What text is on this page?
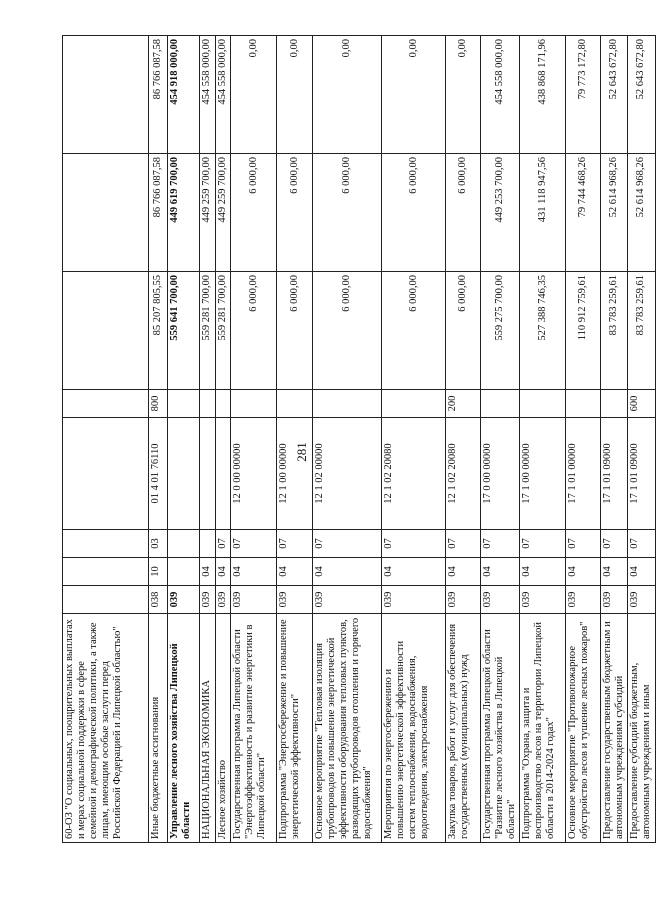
281
60-ОЗ "О социальных, поощрительных выплатах и мерах социальной поддержки в сфере семейной и демографической политики, а также лицам, имеющим особые заслуги перед Российской Федерацией и Липецкой областью"								
Иные бюджетные ассигнования	038	10	03	01 4 01 76110	800	85 207 805,55	86 766 087,58	86 766 087,58
Управление лесного хозяйства Липецкой области	039					559 641 700,00	449 619 700,00	454 918 000,00
НАЦИОНАЛЬНАЯ ЭКОНОМИКА	039	04				559 281 700,00	449 259 700,00	454 558 000,00
Лесное хозяйство	039	04	07			559 281 700,00	449 259 700,00	454 558 000,00
Государственная программа Липецкой области "Энергоэффективность и развитие энергетики в Липецкой области"	039	04	07	12 0 00 00000		6 000,00	6 000,00	0,00
Подпрограмма "Энергосбережение и повышение энергетической эффективности"	039	04	07	12 1 00 00000		6 000,00	6 000,00	0,00
Основное мероприятие "Тепловая изоляция трубопроводов и повышение энергетической эффективности оборудования тепловых пунктов, разводящих трубопроводов отопления и горячего водоснабжения"	039	04	07	12 1 02 00000		6 000,00	6 000,00	0,00
Мероприятия по энергосбережению и повышению энергетической эффективности систем теплоснабжения, водоснабжения, водоотведения, электроснабжения	039	04	07	12 1 02 20080		6 000,00	6 000,00	0,00
Закупка товаров, работ и услуг для обеспечения государственных (муниципальных) нужд	039	04	07	12 1 02 20080	200	6 000,00	6 000,00	0,00
Государственная программа Липецкой области "Развитие лесного хозяйства в Липецкой области"	039	04	07	17 0 00 00000		559 275 700,00	449 253 700,00	454 558 000,00
Подпрограмма "Охрана, защита и воспроизводство лесов на территории Липецкой области в 2014-2024 годах"	039	04	07	17 1 00 00000		527 388 746,35	431 118 947,56	438 868 171,96
Основное мероприятие "Противопожарное обустройство лесов и тушение лесных пожаров"	039	04	07	17 1 01 00000		110 912 759,61	79 744 468,26	79 773 172,80
Предоставление государственным бюджетным и автономным учреждениям субсидий	039	04	07	17 1 01 09000		83 783 259,61	52 614 968,26	52 643 672,80
Предоставление субсидий бюджетным, автономным учреждениям и иным	039	04	07	17 1 01 09000	600	83 783 259,61	52 614 968,26	52 643 672,80
